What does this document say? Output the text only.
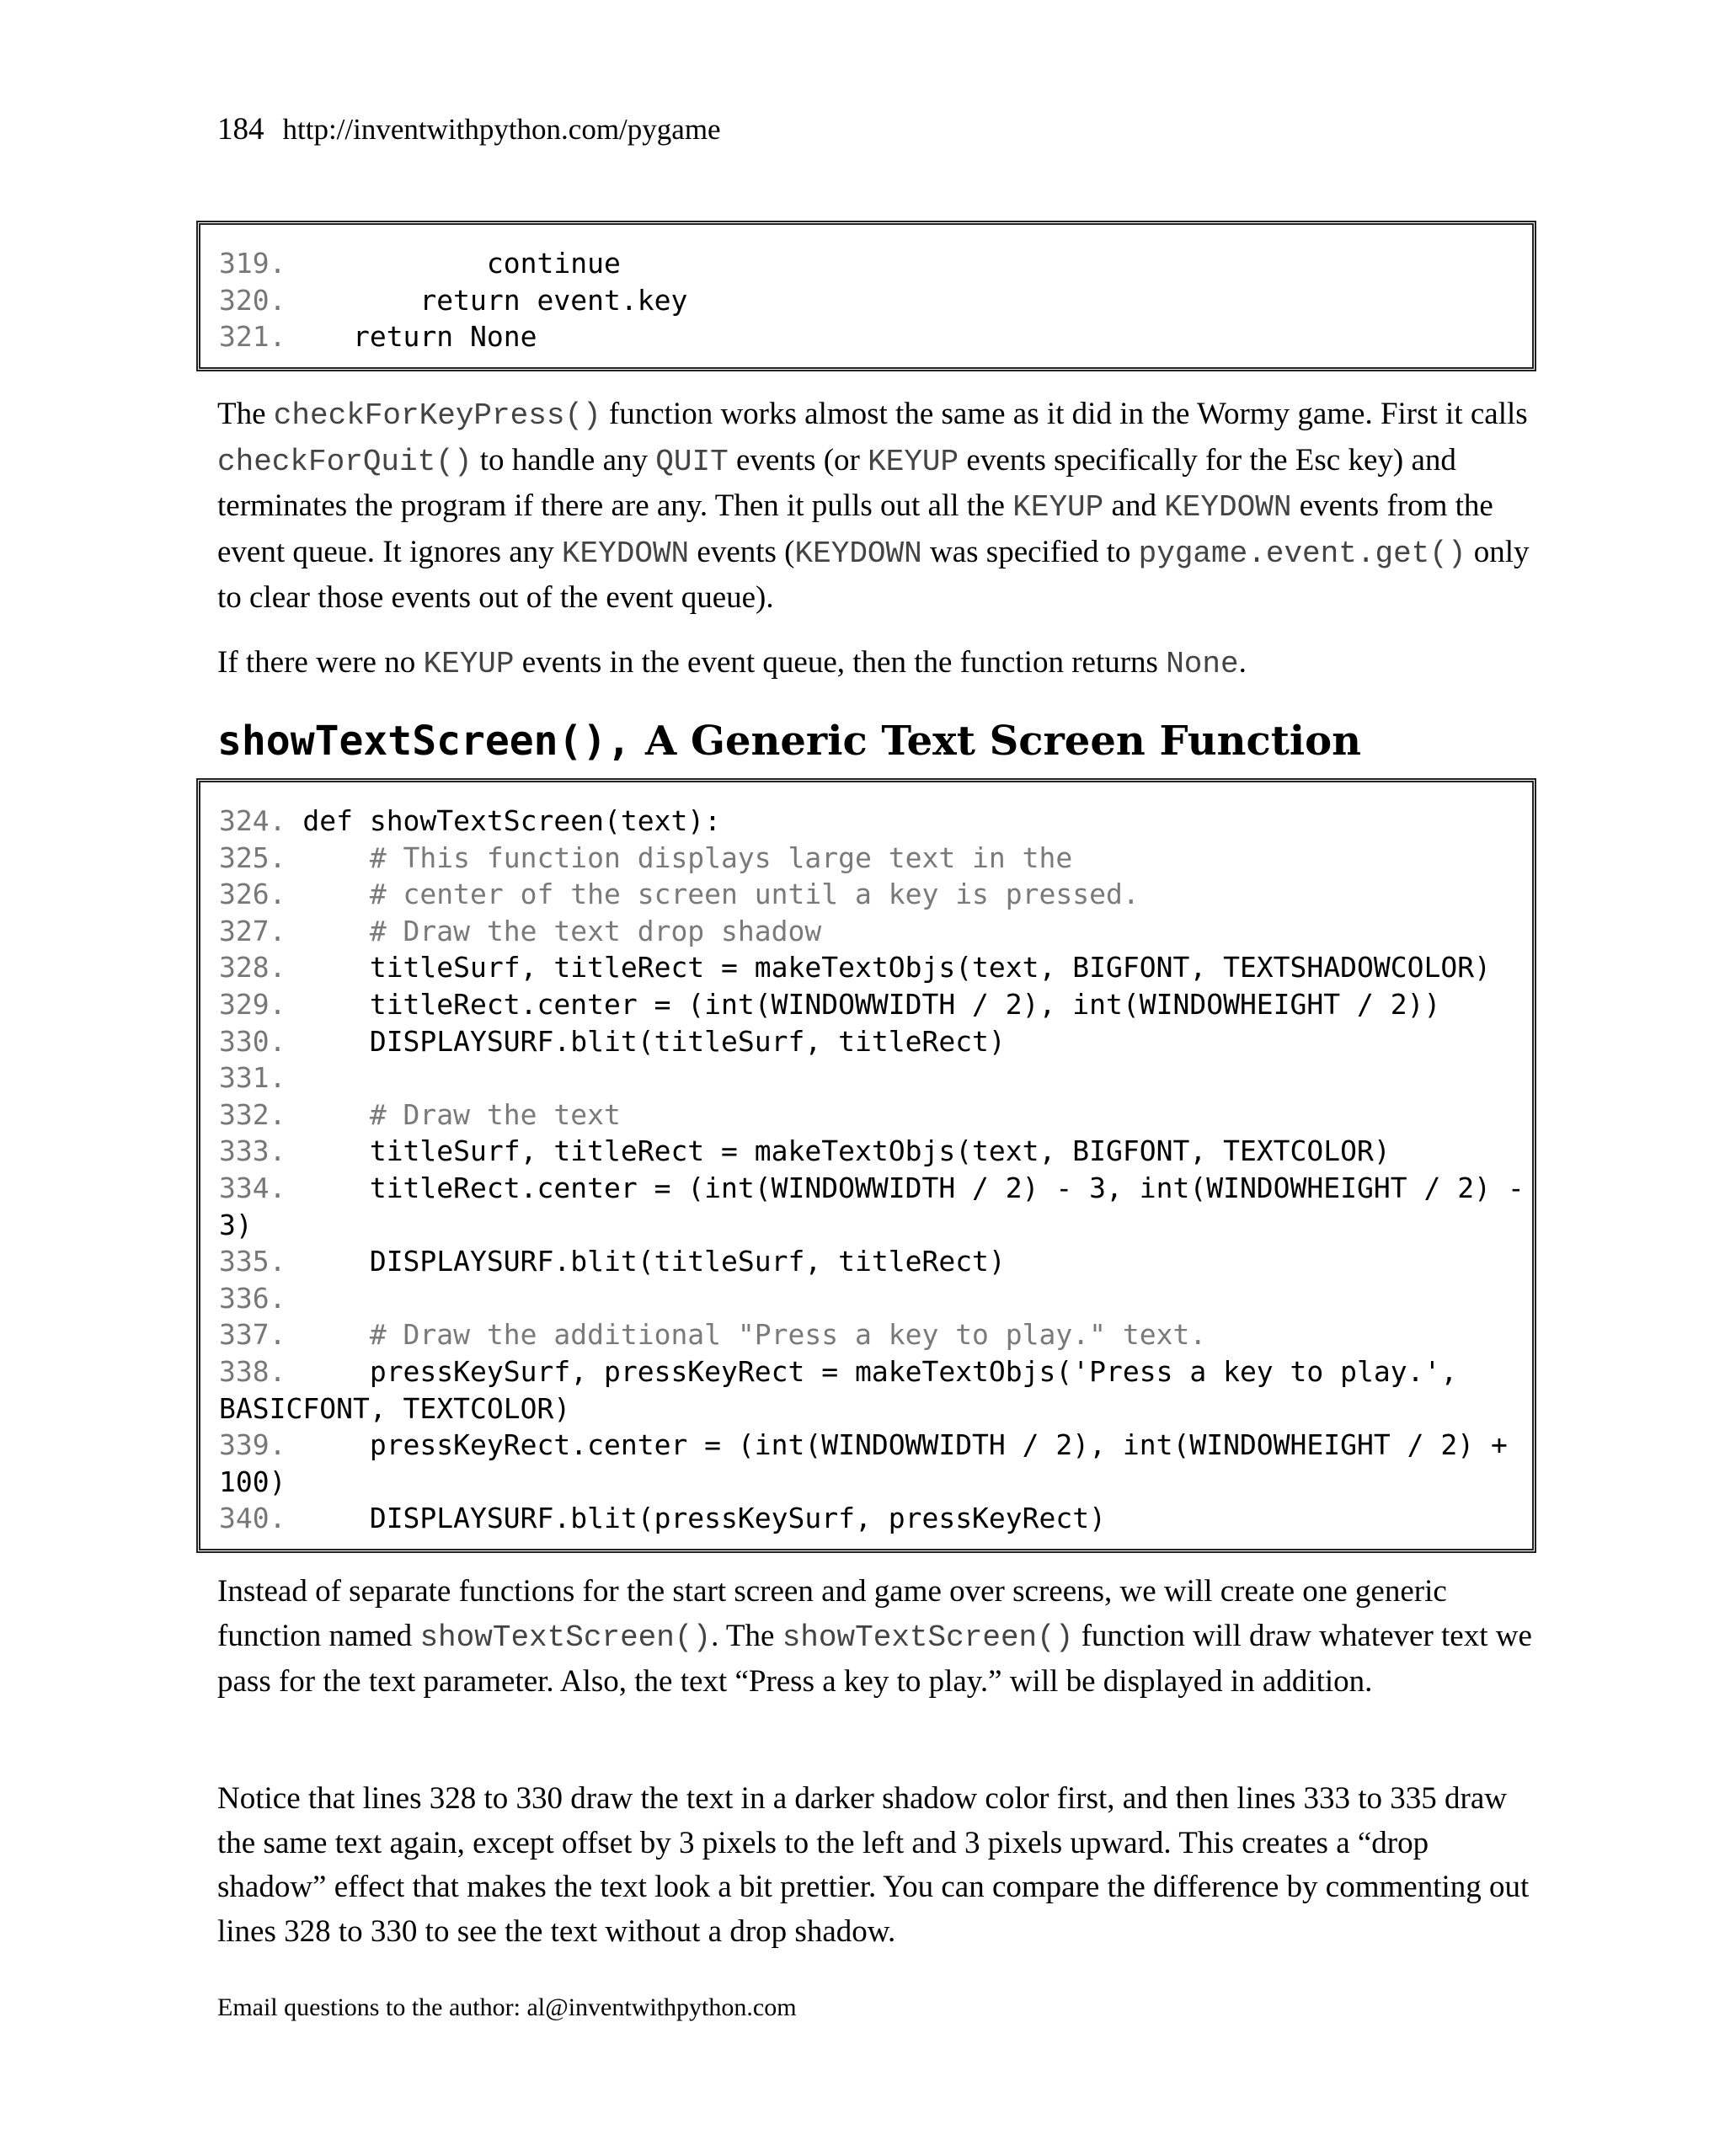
184 http://inventwithpython.com/pygame
319.            continue
320.        return event.key
321.    return None

The checkForKeyPress() function works almost the same as it did in the Wormy game. First it calls checkForQuit() to handle any QUIT events (or KEYUP events specifically for the Esc key) and terminates the program if there are any. Then it pulls out all the KEYUP and KEYDOWN events from the event queue. It ignores any KEYDOWN events (KEYDOWN was specified to pygame.event.get() only to clear those events out of the event queue).

If there were no KEYUP events in the event queue, then the function returns None.

showTextScreen(), A Generic Text Screen Function
324. def showTextScreen(text):
325.     # This function displays large text in the
326.     # center of the screen until a key is pressed.
327.     # Draw the text drop shadow
328.     titleSurf, titleRect = makeTextObjs(text, BIGFONT, TEXTSHADOWCOLOR)
329.     titleRect.center = (int(WINDOWWIDTH / 2), int(WINDOWHEIGHT / 2))
330.     DISPLAYSURF.blit(titleSurf, titleRect)
331.
332.     # Draw the text
333.     titleSurf, titleRect = makeTextObjs(text, BIGFONT, TEXTCOLOR)
334.     titleRect.center = (int(WINDOWWIDTH / 2) - 3, int(WINDOWHEIGHT / 2) -
3)
335.     DISPLAYSURF.blit(titleSurf, titleRect)
336.
337.     # Draw the additional "Press a key to play." text.
338.     pressKeySurf, pressKeyRect = makeTextObjs('Press a key to play.',
BASICFONT, TEXTCOLOR)
339.     pressKeyRect.center = (int(WINDOWWIDTH / 2), int(WINDOWHEIGHT / 2) +
100)
340.     DISPLAYSURF.blit(pressKeySurf, pressKeyRect)

Instead of separate functions for the start screen and game over screens, we will create one generic function named showTextScreen(). The showTextScreen() function will draw whatever text we pass for the text parameter. Also, the text “Press a key to play.” will be displayed in addition.

Notice that lines 328 to 330 draw the text in a darker shadow color first, and then lines 333 to 335 draw the same text again, except offset by 3 pixels to the left and 3 pixels upward. This creates a “drop shadow” effect that makes the text look a bit prettier. You can compare the difference by commenting out lines 328 to 330 to see the text without a drop shadow.

Email questions to the author: al@inventwithpython.com
